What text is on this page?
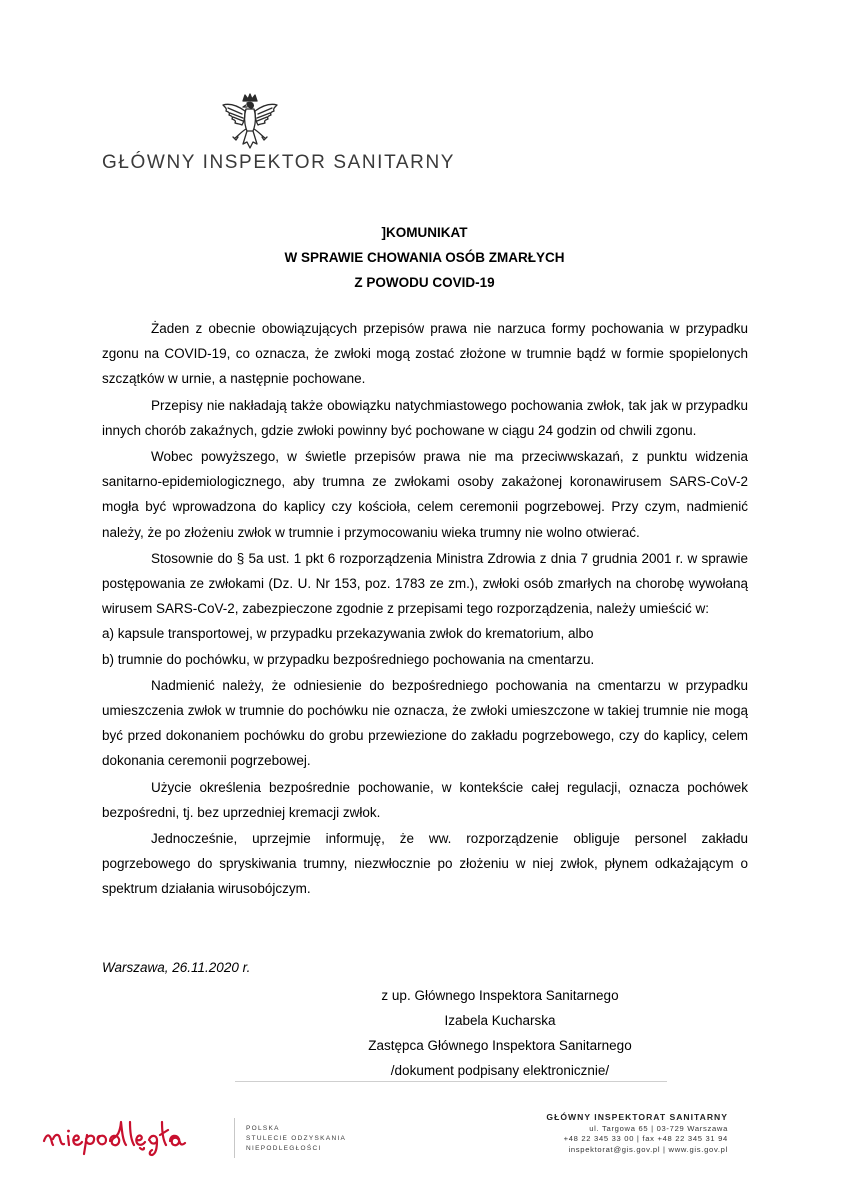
GŁÓWNY INSPEKTOR SANITARNY
]KOMUNIKAT
W SPRAWIE CHOWANIA OSÓB ZMARŁYCH
Z POWODU COVID-19

Żaden z obecnie obowiązujących przepisów prawa nie narzuca formy pochowania w przypadku zgonu na COVID-19, co oznacza, że zwłoki mogą zostać złożone w trumnie bądź w formie spopielonych szczątków w urnie, a następnie pochowane.

Przepisy nie nakładają także obowiązku natychmiastowego pochowania zwłok, tak jak w przypadku innych chorób zakaźnych, gdzie zwłoki powinny być pochowane w ciągu 24 godzin od chwili zgonu.

Wobec powyższego, w świetle przepisów prawa nie ma przeciwwskazań, z punktu widzenia sanitarno-epidemiologicznego, aby trumna ze zwłokami osoby zakażonej koronawirusem SARS-CoV-2 mogła być wprowadzona do kaplicy czy kościoła, celem ceremonii pogrzebowej. Przy czym, nadmienić należy, że po złożeniu zwłok w trumnie i przymocowaniu wieka trumny nie wolno otwierać.

Stosownie do § 5a ust. 1 pkt 6 rozporządzenia Ministra Zdrowia z dnia 7 grudnia 2001 r. w sprawie postępowania ze zwłokami (Dz. U. Nr 153, poz. 1783 ze zm.), zwłoki osób zmarłych na chorobę wywołaną wirusem SARS-CoV-2, zabezpieczone zgodnie z przepisami tego rozporządzenia, należy umieścić w:

a) kapsule transportowej, w przypadku przekazywania zwłok do krematorium, albo

b) trumnie do pochówku, w przypadku bezpośredniego pochowania na cmentarzu.

Nadmienić należy, że odniesienie do bezpośredniego pochowania na cmentarzu w przypadku umieszczenia zwłok w trumnie do pochówku nie oznacza, że zwłoki umieszczone w takiej trumnie nie mogą być przed dokonaniem pochówku do grobu przewiezione do zakładu pogrzebowego, czy do kaplicy, celem dokonania ceremonii pogrzebowej.

Użycie określenia bezpośrednie pochowanie, w kontekście całej regulacji, oznacza pochówek bezpośredni, tj. bez uprzedniej kremacji zwłok.

Jednocześnie, uprzejmie informuję, że ww. rozporządzenie obliguje personel zakładu pogrzebowego do spryskiwania trumny, niezwłocznie po złożeniu w niej zwłok, płynem odkażającym o spektrum działania wirusobójczym.

Warszawa, 26.11.2020 r.
z up. Głównego Inspektora Sanitarnego
Izabela Kucharska
Zastępca Głównego Inspektora Sanitarnego
/dokument podpisany elektronicznie/
POLSKA
STULECIE ODZYSKANIA
NIEPODLEGŁOŚCI
GŁÓWNY INSPEKTORAT SANITARNY
ul. Targowa 65 | 03-729 Warszawa
+48 22 345 33 00 | fax +48 22 345 31 94
inspektorat@gis.gov.pl | www.gis.gov.pl
